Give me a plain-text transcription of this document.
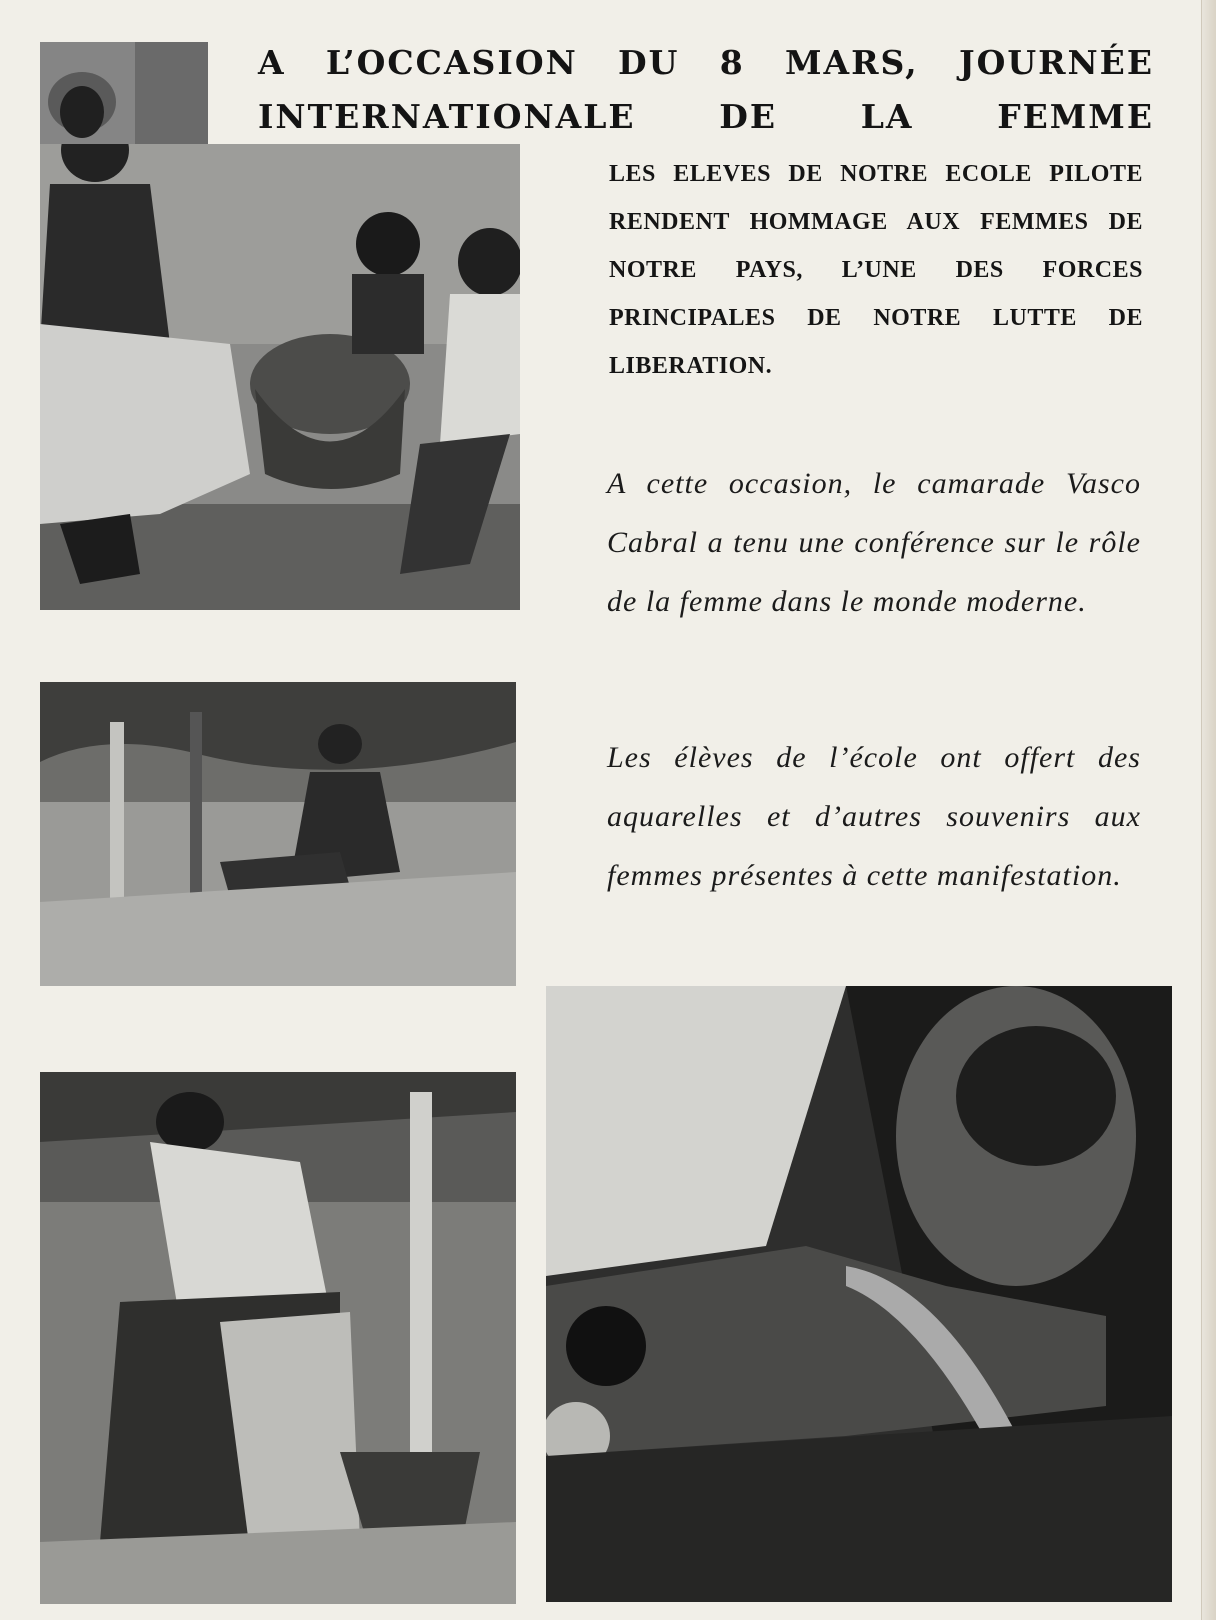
A L’OCCASION DU 8 MARS, JOURNÉE INTERNATIONALE DE LA FEMME

LES ELEVES DE NOTRE ECOLE PILOTE RENDENT HOMMAGE AUX FEMMES DE NOTRE PAYS, L’UNE DES FORCES PRINCIPALES DE NOTRE LUTTE DE LIBERATION.

A cette occasion, le camarade Vasco Cabral a tenu une conférence sur le rôle de la femme dans le monde moderne.

Les élèves de l’école ont offert des aquarelles et d’autres souvenirs aux femmes présentes à cette manifestation.
